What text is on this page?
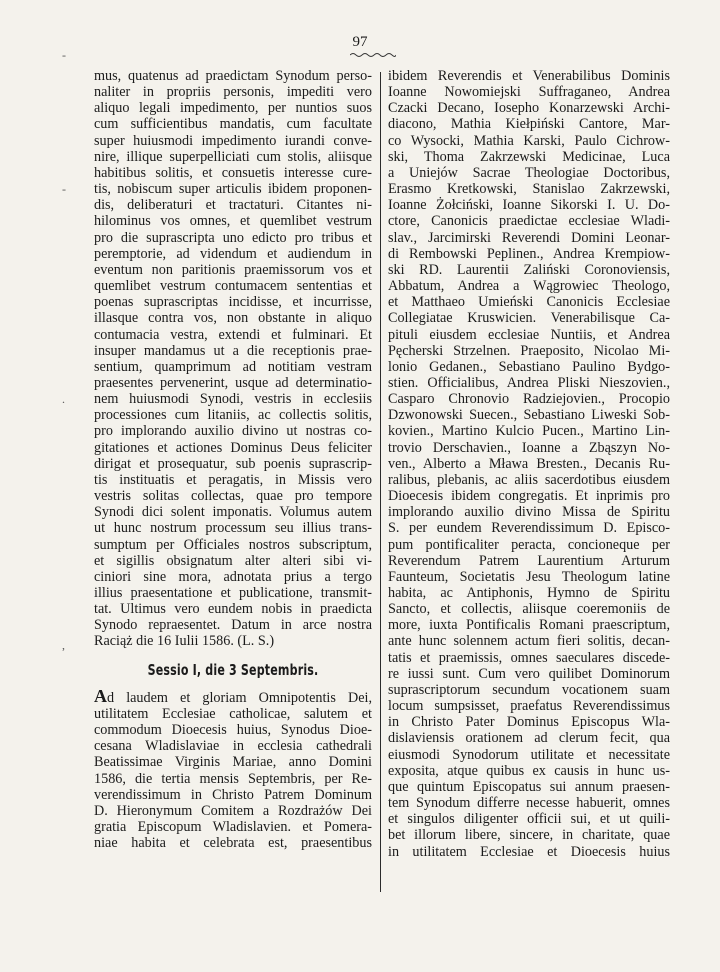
97
-
-
.
,
mus, quatenus ad praedictam Synodum perso-
naliter in propriis personis, impediti vero
aliquo legali impedimento, per nuntios suos
cum sufficientibus mandatis, cum facultate
super huiusmodi impedimento iurandi conve-
nire, illique superpelliciati cum stolis, aliisque
habitibus solitis, et consuetis interesse cure-
tis, nobiscum super articulis ibidem proponen-
dis, deliberaturi et tractaturi. Citantes ni-
hilominus vos omnes, et quemlibet vestrum
pro die suprascripta uno edicto pro tribus et
peremptorie, ad videndum et audiendum in
eventum non paritionis praemissorum vos et
quemlibet vestrum contumacem sententias et
poenas suprascriptas incidisse, et incurrisse,
illasque contra vos, non obstante in aliquo
contumacia vestra, extendi et fulminari. Et
insuper mandamus ut a die receptionis prae-
sentium, quamprimum ad notitiam vestram
praesentes pervenerint, usque ad determinatio-
nem huiusmodi Synodi, vestris in ecclesiis
processiones cum litaniis, ac collectis solitis,
pro implorando auxilio divino ut nostras co-
gitationes et actiones Dominus Deus feliciter
dirigat et prosequatur, sub poenis suprascrip-
tis instituatis et peragatis, in Missis vero
vestris solitas collectas, quae pro tempore
Synodi dici solent imponatis. Volumus autem
ut hunc nostrum processum seu illius trans-
sumptum per Officiales nostros subscriptum,
et sigillis obsignatum alter alteri sibi vi-
ciniori sine mora, adnotata prius a tergo
illius praesentatione et publicatione, transmit-
tat. Ultimus vero eundem nobis in praedicta
Synodo repraesentet. Datum in arce nostra
Raciąż die 16 Iulii 1586. (L. S.)
Sessio I, die 3 Septembris.
Ad laudem et gloriam Omnipotentis Dei,
utilitatem Ecclesiae catholicae, salutem et
commodum Dioecesis huius, Synodus Dioe-
cesana Wladislaviae in ecclesia cathedrali
Beatissimae Virginis Mariae, anno Domini
1586, die tertia mensis Septembris, per Re-
verendissimum in Christo Patrem Dominum
D. Hieronymum Comitem a Rozdrażów Dei
gratia Episcopum Wladislavien. et Pomera-
niae habita et celebrata est, praesentibus
ibidem Reverendis et Venerabilibus Dominis
Ioanne Nowomiejski Suffraganeo, Andrea
Czacki Decano, Iosepho Konarzewski Archi-
diacono, Mathia Kiełpiński Cantore, Mar-
co Wysocki, Mathia Karski, Paulo Cichrow-
ski, Thoma Zakrzewski Medicinae, Luca
a Uniejów Sacrae Theologiae Doctoribus,
Erasmo Kretkowski, Stanislao Zakrzewski,
Ioanne Żołciński, Ioanne Sikorski I. U. Do-
ctore, Canonicis praedictae ecclesiae Wladi-
slav., Jarcimirski Reverendi Domini Leonar-
di Rembowski Peplinen., Andrea Krempiow-
ski RD. Laurentii Zaliński Coronoviensis,
Abbatum, Andrea a Wągrowiec Theologo,
et Matthaeo Umieński Canonicis Ecclesiae
Collegiatae Kruswicien. Venerabilisque Ca-
pituli eiusdem ecclesiae Nuntiis, et Andrea
Pęcherski Strzelnen. Praeposito, Nicolao Mi-
lonio Gedanen., Sebastiano Paulino Bydgo-
stien. Officialibus, Andrea Pliski Nieszovien.,
Casparo Chronovio Radziejovien., Procopio
Dzwonowski Suecen., Sebastiano Liweski Sob-
kovien., Martino Kulcio Pucen., Martino Lin-
trovio Derschavien., Ioanne a Zbąszyn No-
ven., Alberto a Mława Bresten., Decanis Ru-
ralibus, plebanis, ac aliis sacerdotibus eiusdem
Dioecesis ibidem congregatis. Et inprimis pro
implorando auxilio divino Missa de Spiritu
S. per eundem Reverendissimum D. Episco-
pum pontificaliter peracta, concioneque per
Reverendum Patrem Laurentium Arturum
Faunteum, Societatis Jesu Theologum latine
habita, ac Antiphonis, Hymno de Spiritu
Sancto, et collectis, aliisque coeremoniis de
more, iuxta Pontificalis Romani praescriptum,
ante hunc solennem actum fieri solitis, decan-
tatis et praemissis, omnes saeculares discede-
re iussi sunt. Cum vero quilibet Dominorum
suprascriptorum secundum vocationem suam
locum sumpsisset, praefatus Reverendissimus
in Christo Pater Dominus Episcopus Wla-
dislaviensis orationem ad clerum fecit, qua
eiusmodi Synodorum utilitate et necessitate
exposita, atque quibus ex causis in hunc us-
que quintum Episcopatus sui annum praesen-
tem Synodum differre necesse habuerit, omnes
et singulos diligenter officii sui, et ut quili-
bet illorum libere, sincere, in charitate, quae
in utilitatem Ecclesiae et Dioecesis huius
